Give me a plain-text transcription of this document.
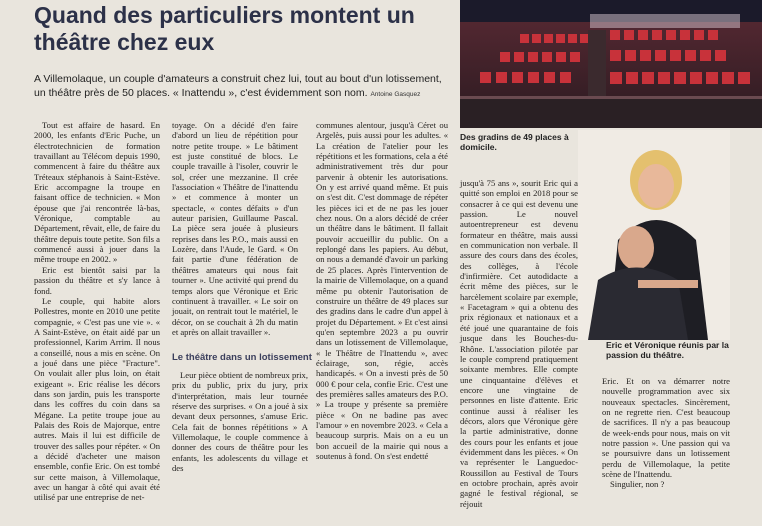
Quand des particuliers montent un théâtre chez eux
A Villemolaque, un couple d'amateurs a construit chez lui, tout au bout d'un lotissement, un théâtre près de 50 places. « Inattendu », c'est évidemment son nom. Antoine Gasquez
Des gradins de 49 places à domicile.
Eric et Véronique réunis par la passion du théâtre.

Tout est affaire de hasard. En 2000, les enfants d'Eric Puche, un électrotechnicien de formation travaillant au Télécom depuis 1990, commencent à faire du théâtre aux Tréteaux stéphanois à Saint-Estève. Eric accompagne la troupe en faisant office de technicien. « Mon épouse que j'ai rencontrée là-bas, Véronique, comptable au Département, rêvait, elle, de faire du théâtre depuis toute petite. Son fils a commencé aussi à jouer dans la même troupe en 2002. »

Eric est bientôt saisi par la passion du théâtre et s'y lance à fond.

Le couple, qui habite alors Pollestres, monte en 2010 une petite compagnie, « C'est pas une vie ». « A Saint-Estève, on était aidé par un professionnel, Karim Arrim. Il nous a conseillé, nous a mis en scène. On a joué dans une pièce "Fracture". On voulait aller plus loin, on était exigeant ». Eric réalise les décors dans son jardin, puis les transporte dans les coffres du coin dans sa Mégane. La petite troupe joue au Palais des Rois de Majorque, entre autres. Mais il lui est difficile de trouver des salles pour répéter. « On a décidé d'acheter une maison ensemble, confie Eric. On est tombé sur cette maison, à Villemolaque, avec un hangar à côté qui avait été utilisé par une entreprise de net-

toyage. On a décidé d'en faire d'abord un lieu de répétition pour notre petite troupe. » Le bâtiment est juste constitué de blocs. Le couple travaille à l'isoler, couvrir le sol, créer une mezzanine. Il crée l'association « Théâtre de l'inattendu » et commence à monter un spectacle, « contes défaits » d'un auteur parisien, Guillaume Pascal. La pièce sera jouée à plusieurs reprises dans les P.O., mais aussi en Lozère, dans l'Aude, le Gard. « On fait partie d'une fédération de théâtres amateurs qui nous fait tourner ». Une activité qui prend du temps alors que Véronique et Eric continuent à travailler. « Le soir on jouait, on rentrait tout le matériel, le décor, on se couchait à 2h du matin et après on allait travailler ».

Le théâtre dans un lotissement

Leur pièce obtient de nombreux prix, prix du public, prix du jury, prix d'interprétation, mais leur tournée réserve des surprises. « On a joué à six devant deux personnes, s'amuse Eric. Cela fait de bonnes répétitions » A Villemolaque, le couple commence à donner des cours de théâtre pour les enfants, les adolescents du village et des

communes alentour, jusqu'à Céret ou Argelès, puis aussi pour les adultes. « La création de l'atelier pour les répétitions et les formations, cela a été administrativement très dur pour parvenir à obtenir les autorisations. On y est arrivé quand même. Et puis on s'est dit. C'est dommage de répéter les pièces ici et de ne pas les jouer chez nous. On a alors décidé de créer un théâtre dans le bâtiment. Il fallait pouvoir accueillir du public. On a replongé dans les papiers. Au début, on nous a demandé d'avoir un parking de 25 places. Après l'intervention de la mairie de Villemolaque, on a quand même pu obtenir l'autorisation de construire un théâtre de 49 places sur des gradins dans le cadre d'un appel à projet du Département. » Et c'est ainsi qu'en septembre 2023 a pu ouvrir dans un lotissement de Villemolaque, « le Théâtre de l'Inattendu », avec éclairage, son, régie, accès handicapés. « On a investi près de 50 000 € pour cela, confie Eric. C'est une des premières salles amateurs des P.O. » La troupe y présente sa première pièce « On ne badine pas avec l'amour » en novembre 2023. « Cela a beaucoup surpris. Mais on a eu un bon accueil de la mairie qui nous a soutenus à fond. On s'est endetté

jusqu'à 75 ans », sourit Eric qui a quitté son emploi en 2018 pour se consacrer à ce qui est devenu une passion. Le nouvel autoentrepreneur est devenu formateur en théâtre, mais aussi en communication non verbale. Il assure des cours dans des écoles, des collèges, à l'école d'infirmière. Cet autodidacte a écrit même des pièces, sur le harcèlement scolaire par exemple, « Facetagram » qui a obtenu des prix régionaux et nationaux et a été joué une quarantaine de fois jusque dans les Bouches-du-Rhône. L'association pilotée par le couple comprend pratiquement soixante membres. Elle compte une cinquantaine d'élèves et encore une vingtaine de personnes en liste d'attente. Eric continue aussi à réaliser les décors, alors que Véronique gère la partie administrative, donne des cours pour les enfants et joue évidemment dans les pièces. « On va représenter le Languedoc-Roussillon au Festival de Tours en octobre prochain, après avoir gagné le festival régional, se réjouit

Eric. Et on va démarrer notre nouvelle programmation avec six nouveaux spectacles. Sincèrement, on ne regrette rien. C'est beaucoup de sacrifices. Il n'y a pas beaucoup de week-ends pour nous, mais on vit notre passion ». Une passion qui va se poursuivre dans un lotissement perdu de Villemolaque, la petite scène de l'Inattendu.

Singulier, non ?
